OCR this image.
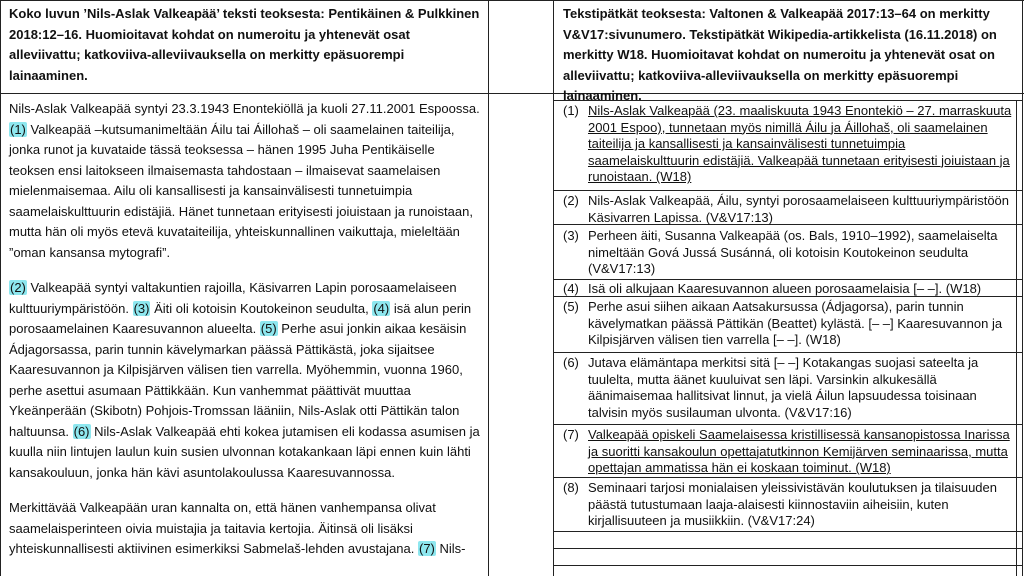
Koko luvun ’Nils-Aslak Valkeapää’ teksti teoksesta: Pentikäinen & Pulkkinen 2018:12–16. Huomioitavat kohdat on numeroitu ja yhtenevät osat alleviivattu; katkoviiva-alleviivauksella on merkitty epäsuorempi lainaaminen.
Tekstipätkät teoksesta: Valtonen & Valkeapää 2017:13–64 on merkitty V&V17:sivunumero. Tekstipätkät Wikipedia-artikkelista (16.11.2018) on merkitty W18. Huomioitavat kohdat on numeroitu ja yhtenevät osat on alleviivattu; katkoviiva-alleviivauksella on merkitty epäsuorempi lainaaminen.

Nils-Aslak Valkeapää syntyi 23.3.1943 Enontekiöllä ja kuoli 27.11.2001 Espoossa. (1) Valkeapää –kutsumanimeltään Áilu tai Áillohaš – oli saamelainen taiteilija, jonka runot ja kuvataide tässä teoksessa – hänen 1995 Juha Pentikäiselle teoksen ensi laitokseen ilmaisemasta tahdostaan – ilmaisevat saamelaisen mielenmaisemaa. Ailu oli kansallisesti ja kansainvälisesti tunnetuimpia saamelaiskulttuurin edistäjiä. Hänet tunnetaan erityisesti joiuistaan ja runoistaan, mutta hän oli myös etevä kuvataiteilija, yhteiskunnallinen vaikuttaja, mieleltään ”oman kansansa mytografi”.

(2) Valkeapää syntyi valtakuntien rajoilla, Käsivarren Lapin porosaamelaiseen kulttuuriympäristöön. (3) Äiti oli kotoisin Koutokeinon seudulta, (4) isä alun perin porosaamelainen Kaaresuvannon alueelta. (5) Perhe asui jonkin aikaa kesäisin Ádjagorsassa, parin tunnin kävelymarkan päässä Pättikästä, joka sijaitsee Kaaresuvannon ja Kilpisjärven välisen tien varrella. Myöhemmin, vuonna 1960, perhe asettui asumaan Pättikkään. Kun vanhemmat päättivät muuttaa Ykeänperään (Skibotn) Pohjois-Tromssan lääniin, Nils-Aslak otti Pättikän talon haltuunsa. (6) Nils-Aslak Valkeapää ehti kokea jutamisen eli kodassa asumisen ja kuulla niin lintujen laulun kuin susien ulvonnan kotakankaan läpi ennen kuin lähti kansakouluun, jonka hän kävi asuntolakoulussa Kaaresuvannossa.

Merkittävää Valkeapään uran kannalta on, että hänen vanhempansa olivat saamelaisperinteen oivia muistajia ja taitavia kertojia. Äitinsä oli lisäksi yhteiskunnallisesti aktiivinen esimerkiksi Sabmelaš-lehden avustajana. (7) Nils-

(1) Nils-Aslak Valkeapää (23. maaliskuuta 1943 Enontekiö – 27. marraskuuta 2001 Espoo), tunnetaan myös nimillä Áilu ja Áillohaš, oli saamelainen taiteilija ja kansallisesti ja kansainvälisesti tunnetuimpia saamelaiskulttuurin edistäjiä. Valkeapää tunnetaan erityisesti joiuistaan ja runoistaan. (W18)
(2) Nils-Aslak Valkeapää, Áilu, syntyi porosaamelaiseen kulttuuriympäristöön Käsivarren Lapissa. (V&V17:13)
(3) Perheen äiti, Susanna Valkeapää (os. Bals, 1910–1992), saamelaiselta nimeltään Gová Jussá Susánná, oli kotoisin Koutokeinon seudulta (V&V17:13)
(4) Isä oli alkujaan Kaaresuvannon alueen porosaamelaisia [– –]. (W18)
(5) Perhe asui siihen aikaan Aatsakursussa (Ádjagorsa), parin tunnin kävelymatkan päässä Pättikän (Beattet) kylästä. [– –] Kaaresuvannon ja Kilpisjärven välisen tien varrella [– –]. (W18)
(6) Jutava elämäntapa merkitsi sitä [– –] Kotakangas suojasi sateelta ja tuulelta, mutta äänet kuuluivat sen läpi. Varsinkin alkukesällä äänimaisemaa hallitsivat linnut, ja vielä Áilun lapsuudessa toisinaan talvisin myös susilauman ulvonta. (V&V17:16)
(7) Valkeapää opiskeli Saamelaisessa kristillisessä kansanopistossa Inarissa ja suoritti kansakoulun opettajatutkinnon Kemijärven seminaarissa, mutta opettajan ammatissa hän ei koskaan toiminut. (W18)
(8) Seminaari tarjosi monialaisen yleissivistävän koulutuksen ja tilaisuuden päästä tutustumaan laaja-alaisesti kiinnostaviin aiheisiin, kuten kirjallisuuteen ja musiikkiin. (V&V17:24)
